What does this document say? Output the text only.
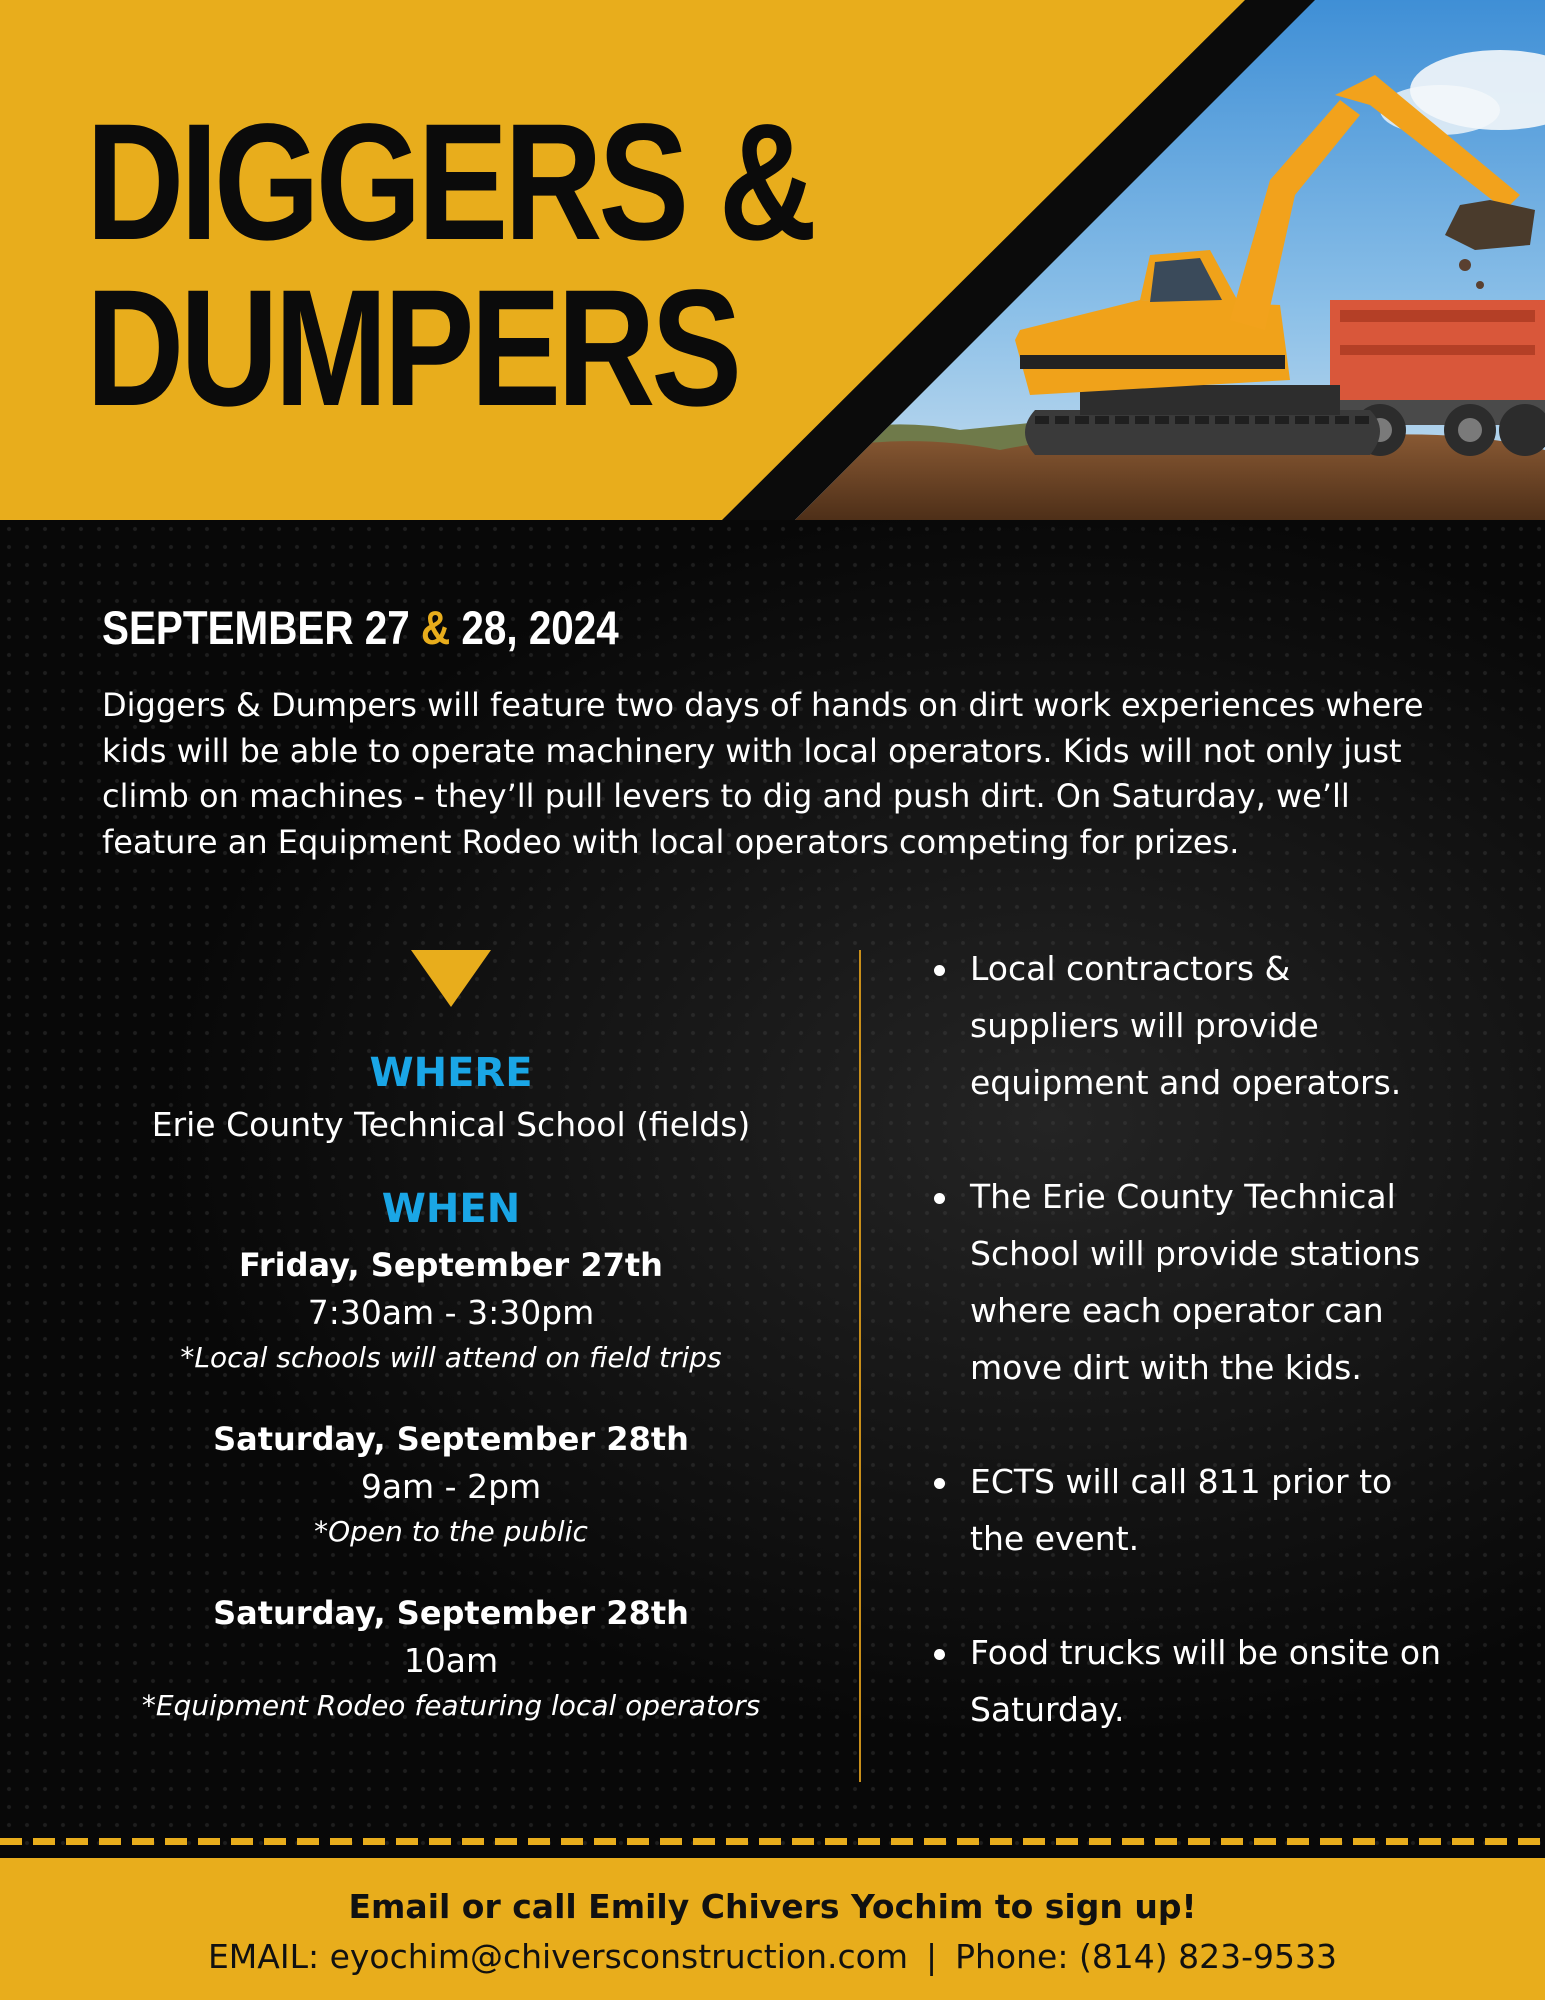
DIGGERS &
DUMPERS
SEPTEMBER 27 & 28, 2024

Diggers & Dumpers will feature two days of hands on dirt work experiences where kids will be able to operate machinery with local operators. Kids will not only just climb on machines - they’ll pull levers to dig and push dirt. On Saturday, we’ll feature an Equipment Rodeo with local operators competing for prizes.

WHERE

Erie County Technical School (fields)

WHEN

Friday, September 27th

7:30am - 3:30pm

*Local schools will attend on field trips

Saturday, September 28th

9am - 2pm

*Open to the public

Saturday, September 28th

10am

*Equipment Rodeo featuring local operators

Local contractors & suppliers will provide equipment and operators.
The Erie County Technical School will provide stations where each operator can move dirt with the kids.
ECTS will call 811 prior to the event.
Food trucks will be onsite on Saturday.

Email or call Emily Chivers Yochim to sign up!

EMAIL: eyochim@chiversconstruction.com | Phone: (814) 823-9533
